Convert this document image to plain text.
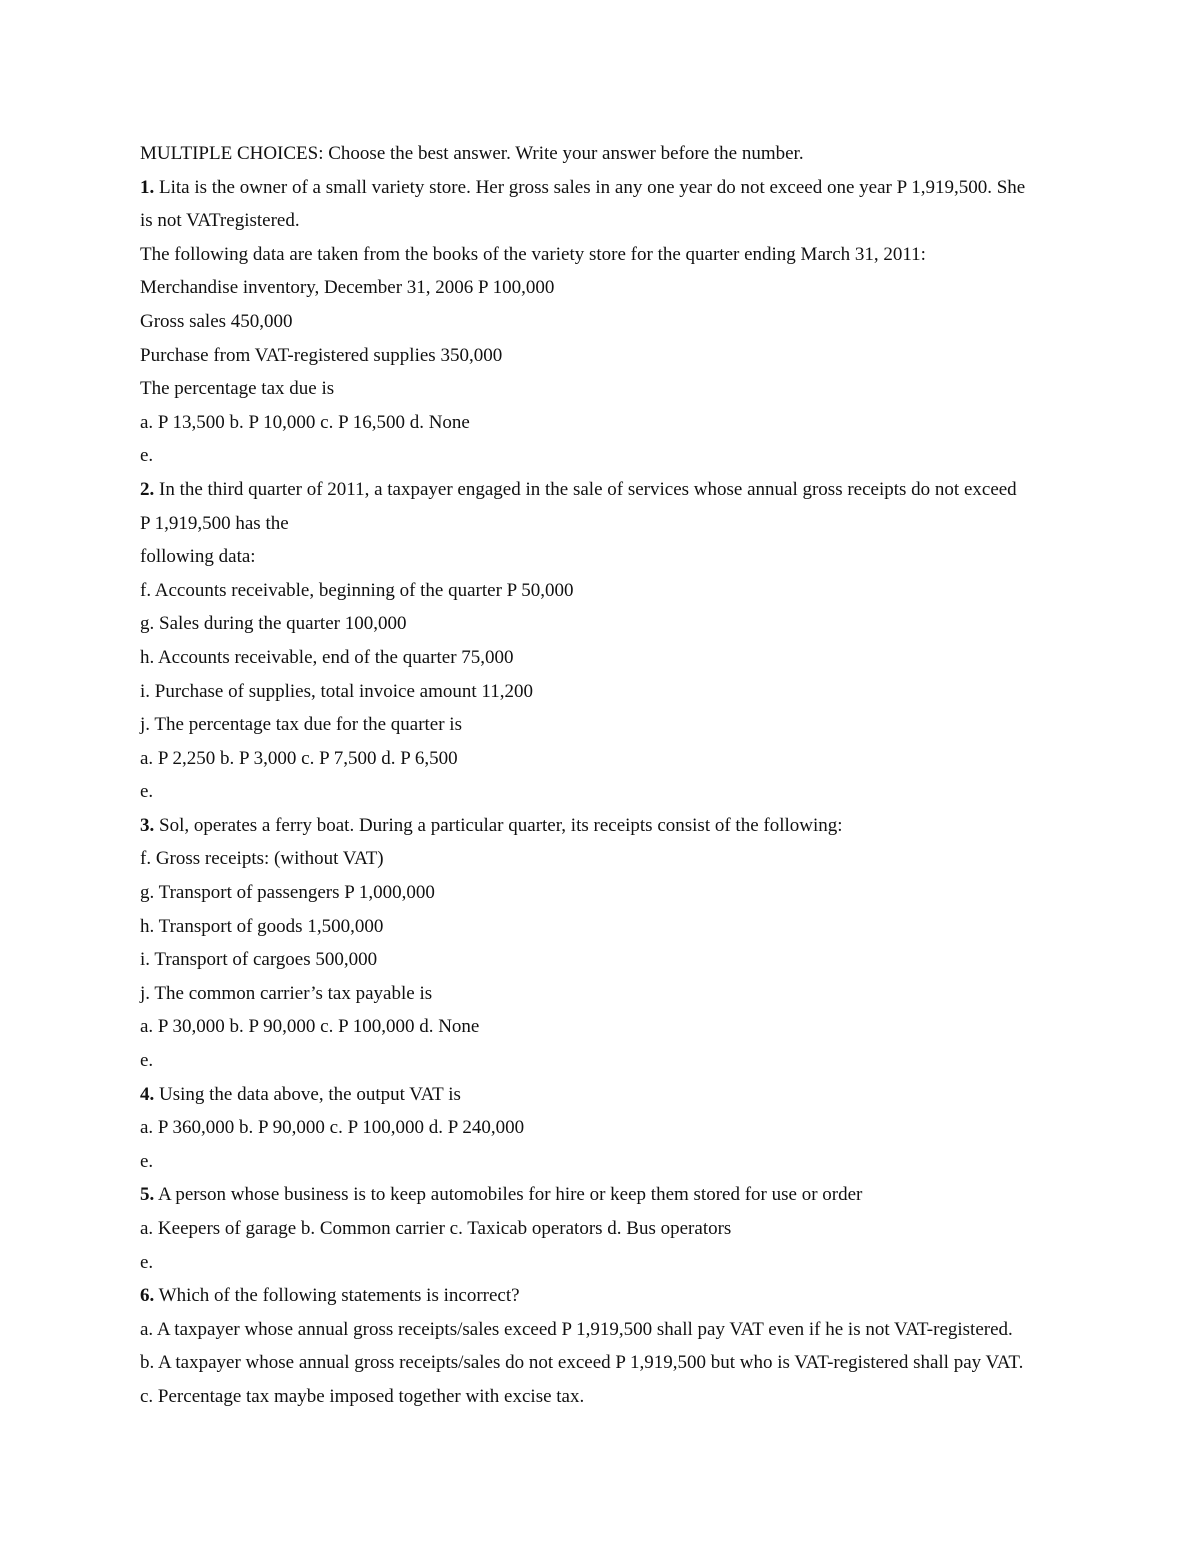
MULTIPLE CHOICES: Choose the best answer. Write your answer before the number.
1. Lita is the owner of a small variety store. Her gross sales in any one year do not exceed one year P 1,919,500. She
is not VATregistered.
The following data are taken from the books of the variety store for the quarter ending March 31, 2011:
Merchandise inventory, December 31, 2006 P 100,000
Gross sales 450,000
Purchase from VAT-registered supplies 350,000
The percentage tax due is
a. P 13,500 b. P 10,000 c. P 16,500 d. None
e.
2. In the third quarter of 2011, a taxpayer engaged in the sale of services whose annual gross receipts do not exceed
P 1,919,500 has the
following data:
f. Accounts receivable, beginning of the quarter P 50,000
g. Sales during the quarter 100,000
h. Accounts receivable, end of the quarter 75,000
i. Purchase of supplies, total invoice amount 11,200
j. The percentage tax due for the quarter is
a. P 2,250 b. P 3,000 c. P 7,500 d. P 6,500
e.
3. Sol, operates a ferry boat. During a particular quarter, its receipts consist of the following:
f. Gross receipts: (without VAT)
g. Transport of passengers P 1,000,000
h. Transport of goods 1,500,000
i. Transport of cargoes 500,000
j. The common carrier’s tax payable is
a. P 30,000 b. P 90,000 c. P 100,000 d. None
e.
4. Using the data above, the output VAT is
a. P 360,000 b. P 90,000 c. P 100,000 d. P 240,000
e.
5. A person whose business is to keep automobiles for hire or keep them stored for use or order
a. Keepers of garage b. Common carrier c. Taxicab operators d. Bus operators
e.
6. Which of the following statements is incorrect?
a. A taxpayer whose annual gross receipts/sales exceed P 1,919,500 shall pay VAT even if he is not VAT-registered.
b. A taxpayer whose annual gross receipts/sales do not exceed P 1,919,500 but who is VAT-registered shall pay VAT.
c. Percentage tax maybe imposed together with excise tax.
